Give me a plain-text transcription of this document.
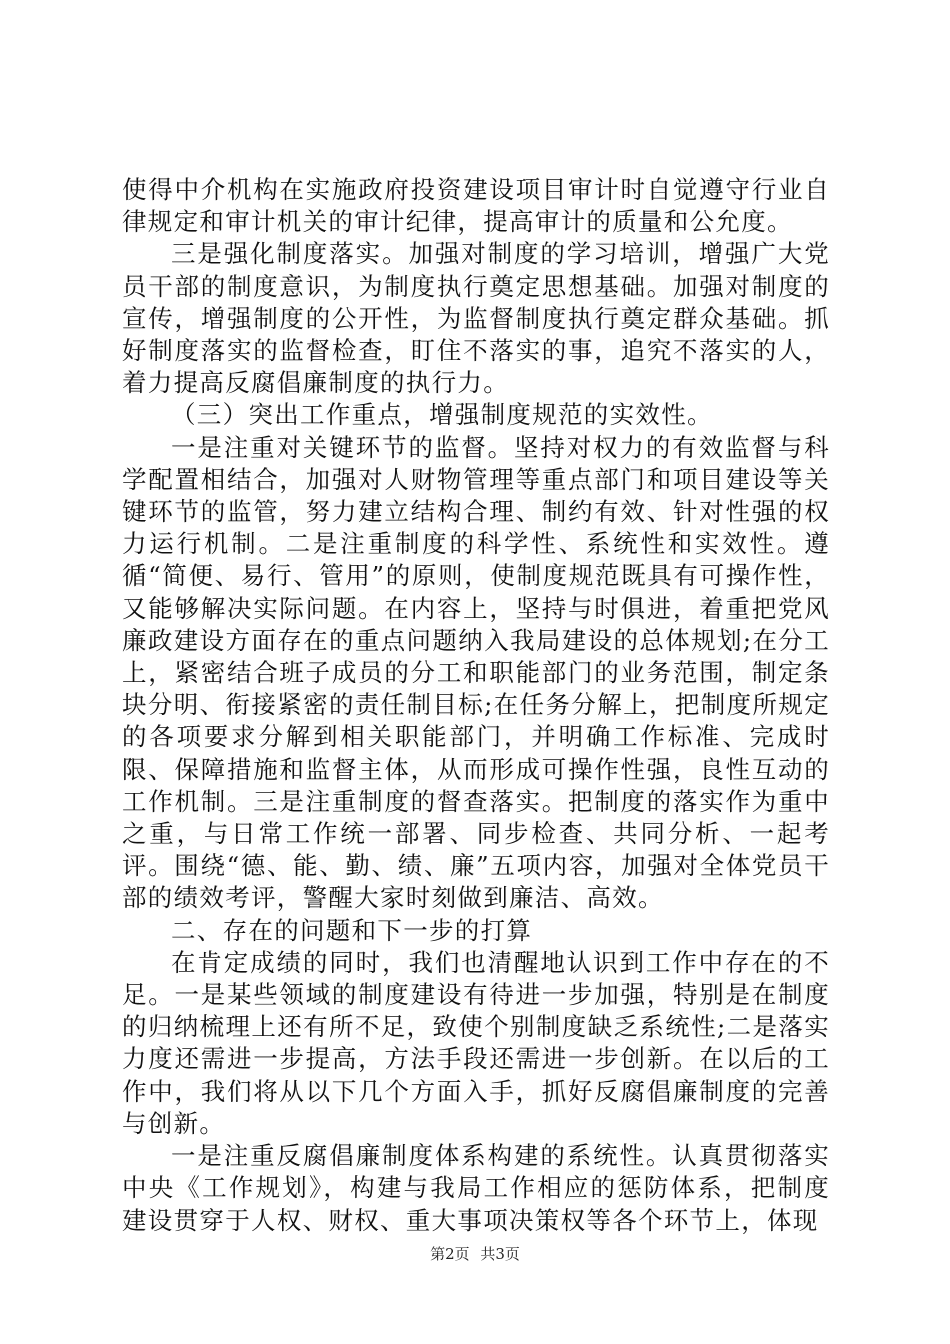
使得中介机构在实施政府投资建设项目审计时自觉遵守行业自律规定和审计机关的审计纪律，提高审计的质量和公允度。

三是强化制度落实。加强对制度的学习培训，增强广大党员干部的制度意识，为制度执行奠定思想基础。加强对制度的宣传，增强制度的公开性，为监督制度执行奠定群众基础。抓好制度落实的监督检查，盯住不落实的事，追究不落实的人，着力提高反腐倡廉制度的执行力。

（三）突出工作重点，增强制度规范的实效性。

一是注重对关键环节的监督。坚持对权力的有效监督与科学配置相结合，加强对人财物管理等重点部门和项目建设等关键环节的监管，努力建立结构合理、制约有效、针对性强的权力运行机制。二是注重制度的科学性、系统性和实效性。遵循“简便、易行、管用”的原则，使制度规范既具有可操作性，又能够解决实际问题。在内容上，坚持与时俱进，着重把党风廉政建设方面存在的重点问题纳入我局建设的总体规划;在分工上，紧密结合班子成员的分工和职能部门的业务范围，制定条块分明、衔接紧密的责任制目标;在任务分解上，把制度所规定的各项要求分解到相关职能部门，并明确工作标准、完成时限、保障措施和监督主体，从而形成可操作性强，良性互动的工作机制。三是注重制度的督查落实。把制度的落实作为重中之重，与日常工作统一部署、同步检查、共同分析、一起考评。围绕“德、能、勤、绩、廉”五项内容，加强对全体党员干部的绩效考评，警醒大家时刻做到廉洁、高效。

二、存在的问题和下一步的打算

在肯定成绩的同时，我们也清醒地认识到工作中存在的不足。一是某些领域的制度建设有待进一步加强，特别是在制度的归纳梳理上还有所不足，致使个别制度缺乏系统性;二是落实力度还需进一步提高，方法手段还需进一步创新。在以后的工作中，我们将从以下几个方面入手，抓好反腐倡廉制度的完善与创新。

一是注重反腐倡廉制度体系构建的系统性。认真贯彻落实中央《工作规划》，构建与我局工作相应的惩防体系，把制度建设贯穿于人权、财权、重大事项决策权等各个环节上，体现

第2页 共3页
